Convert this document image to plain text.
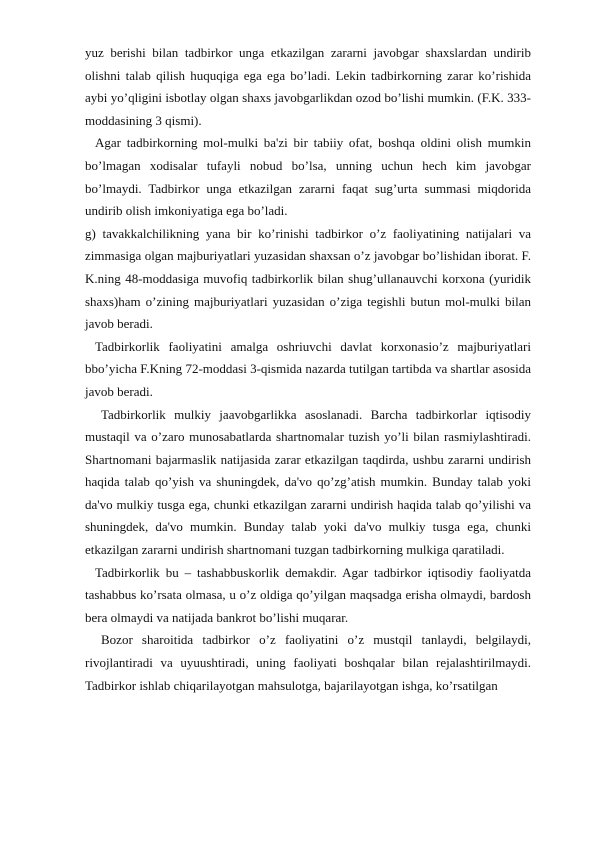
yuz berishi bilan tadbirkor unga etkazilgan zararni javobgar shaxslardan undirib olishni talab qilish huquqiga ega ega bo’ladi. Lekin tadbirkorning zarar ko’rishida aybi yo’qligini isbotlay olgan shaxs javobgarlikdan ozod bo’lishi mumkin. (F.K. 333-moddasining 3 qismi).

Agar tadbirkorning mol-mulki ba'zi bir tabiiy ofat, boshqa oldini olish mumkin bo’lmagan xodisalar tufayli nobud bo’lsa, unning uchun hech kim javobgar bo’lmaydi. Tadbirkor unga etkazilgan zararni faqat sug’urta summasi miqdorida undirib olish imkoniyatiga ega bo’ladi.

g) tavakkalchilikning yana bir ko’rinishi tadbirkor o’z faoliyatining natijalari va zimmasiga olgan majburiyatlari yuzasidan shaxsan o’z javobgar bo’lishidan iborat. F. K.ning 48-moddasiga muvofiq tadbirkorlik bilan shug’ullanauvchi korxona (yuridik shaxs)ham o’zining majburiyatlari yuzasidan o’ziga tegishli butun mol-mulki bilan javob beradi.

Tadbirkorlik faoliyatini amalga oshriuvchi davlat korxonasio’z majburiyatlari bbo’yicha F.Kning 72-moddasi 3-qismida nazarda tutilgan tartibda va shartlar asosida javob beradi.

Tadbirkorlik mulkiy jaavobgarlikka asoslanadi. Barcha tadbirkorlar iqtisodiy mustaqil va o’zaro munosabatlarda shartnomalar tuzish yo’li bilan rasmiylashtiradi. Shartnomani bajarmaslik natijasida zarar etkazilgan taqdirda, ushbu zararni undirish haqida talab qo’yish va shuningdek, da'vo qo’zg’atish mumkin. Bunday talab yoki da'vo mulkiy tusga ega, chunki etkazilgan zararni undirish haqida talab qo’yilishi va shuningdek, da'vo mumkin. Bunday talab yoki da'vo mulkiy tusga ega, chunki etkazilgan zararni undirish shartnomani tuzgan tadbirkorning mulkiga qaratiladi.

Tadbirkorlik bu – tashabbuskorlik demakdir. Agar tadbirkor iqtisodiy faoliyatda tashabbus ko’rsata olmasa, u o’z oldiga qo’yilgan maqsadga erisha olmaydi, bardosh bera olmaydi va natijada bankrot bo’lishi muqarar.

Bozor sharoitida tadbirkor o’z faoliyatini o’z mustqil tanlaydi, belgilaydi, rivojlantiradi va uyuushtiradi, uning faoliyati boshqalar bilan rejalashtirilmaydi. Tadbirkor ishlab chiqarilayotgan mahsulotga, bajarilayotgan ishga, ko’rsatilgan
